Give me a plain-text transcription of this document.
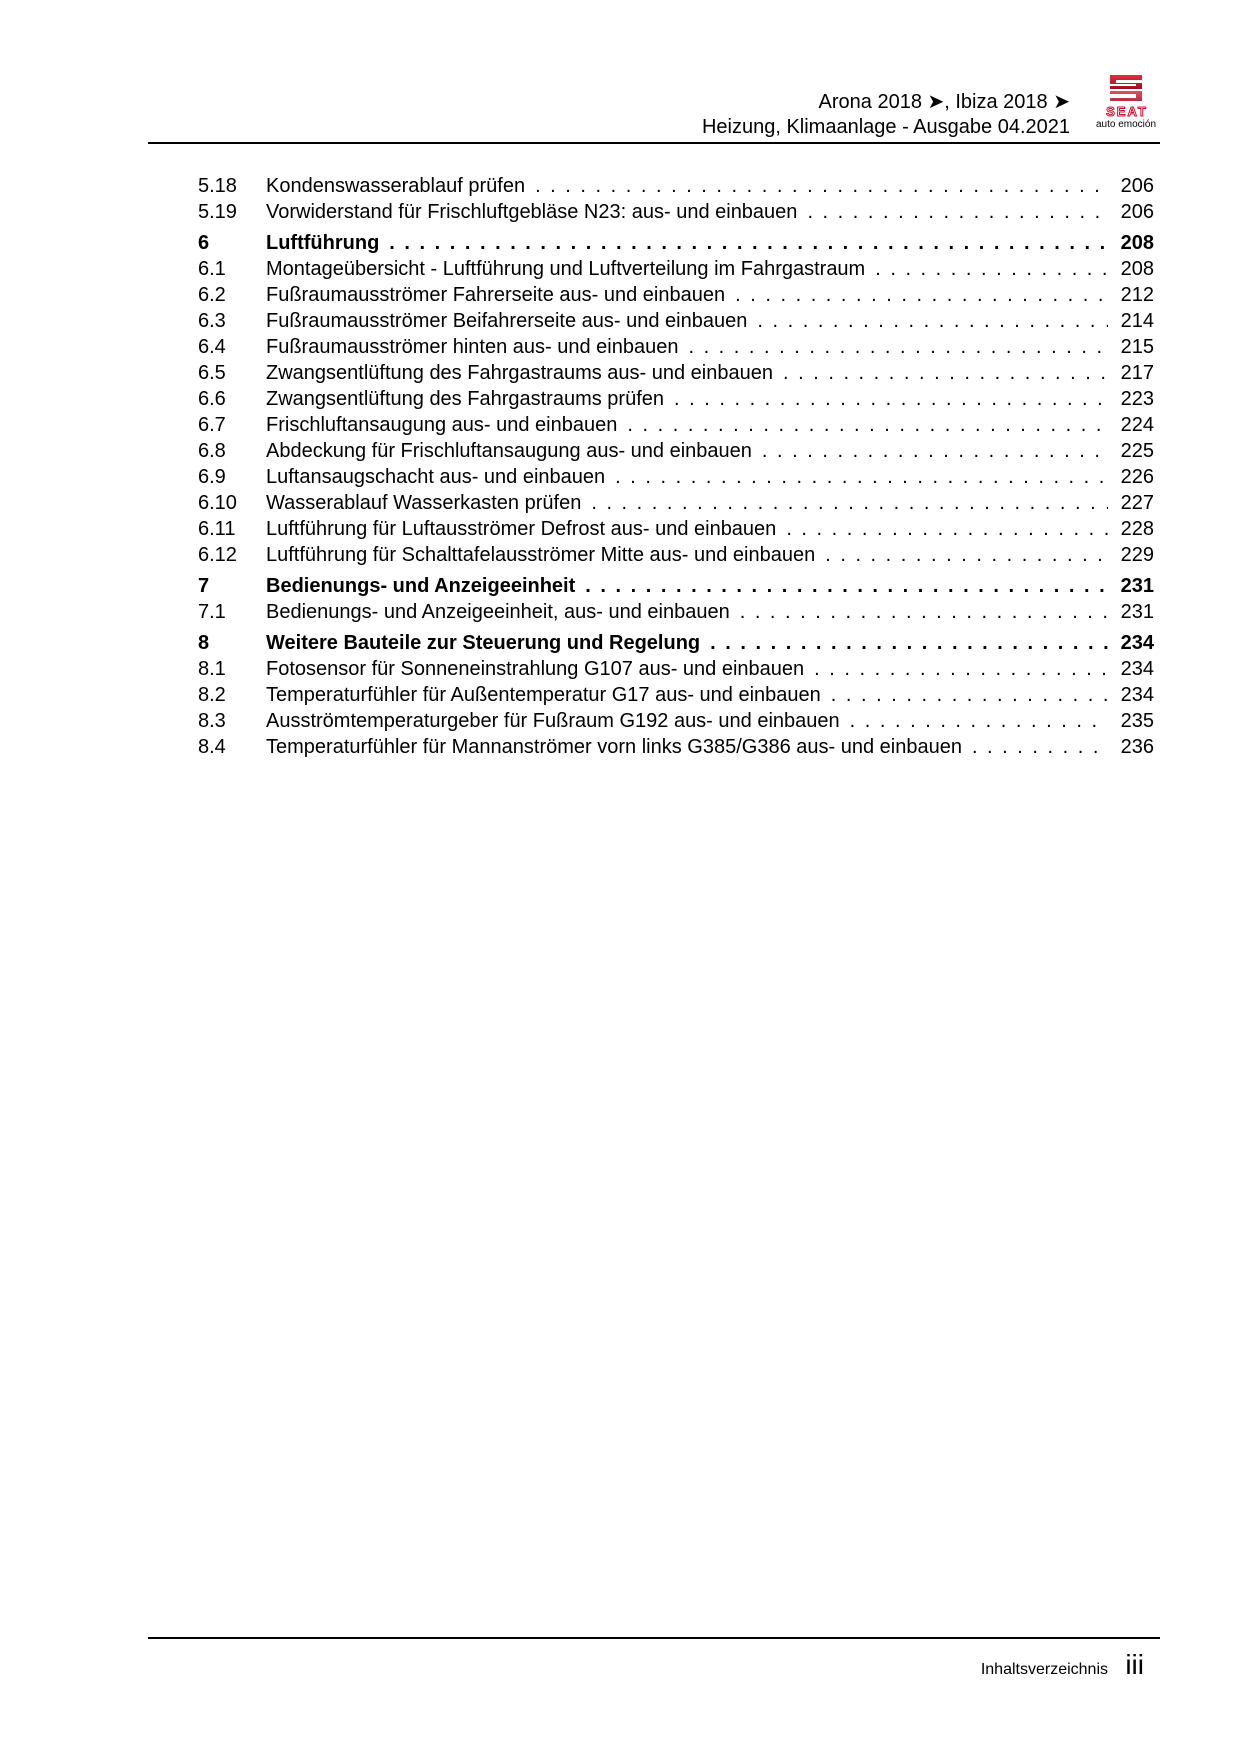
Arona 2018 ➤, Ibiza 2018 ➤
Heizung, Klimaanlage - Ausgabe 04.2021
SEAT
auto emoción
5.18	Kondenswasserablauf prüfen . . .	206
5.19	Vorwiderstand für Frischluftgebläse N23: aus- und einbauen . . .	206
6	Luftführung . . .	208
6.1	Montageübersicht - Luftführung und Luftverteilung im Fahrgastraum . . .	208
6.2	Fußraumausströmer Fahrerseite aus- und einbauen . . .	212
6.3	Fußraumausströmer Beifahrerseite aus- und einbauen . . .	214
6.4	Fußraumausströmer hinten aus- und einbauen . . .	215
6.5	Zwangsentlüftung des Fahrgastraums aus- und einbauen . . .	217
6.6	Zwangsentlüftung des Fahrgastraums prüfen . . .	223
6.7	Frischluftansaugung aus- und einbauen . . .	224
6.8	Abdeckung für Frischluftansaugung aus- und einbauen . . .	225
6.9	Luftansaugschacht aus- und einbauen . . .	226
6.10	Wasserablauf Wasserkasten prüfen . . .	227
6.11	Luftführung für Luftausströmer Defrost aus- und einbauen . . .	228
6.12	Luftführung für Schalttafelausströmer Mitte aus- und einbauen . . .	229
7	Bedienungs- und Anzeigeeinheit . . .	231
7.1	Bedienungs- und Anzeigeeinheit, aus- und einbauen . . .	231
8	Weitere Bauteile zur Steuerung und Regelung . . .	234
8.1	Fotosensor für Sonneneinstrahlung G107 aus- und einbauen . . .	234
8.2	Temperaturfühler für Außentemperatur G17 aus- und einbauen . . .	234
8.3	Ausströmtemperaturgeber für Fußraum G192 aus- und einbauen . . .	235
8.4	Temperaturfühler für Mannanströmer vorn links G385/G386 aus- und einbauen . . .	236
Inhaltsverzeichnis iii
